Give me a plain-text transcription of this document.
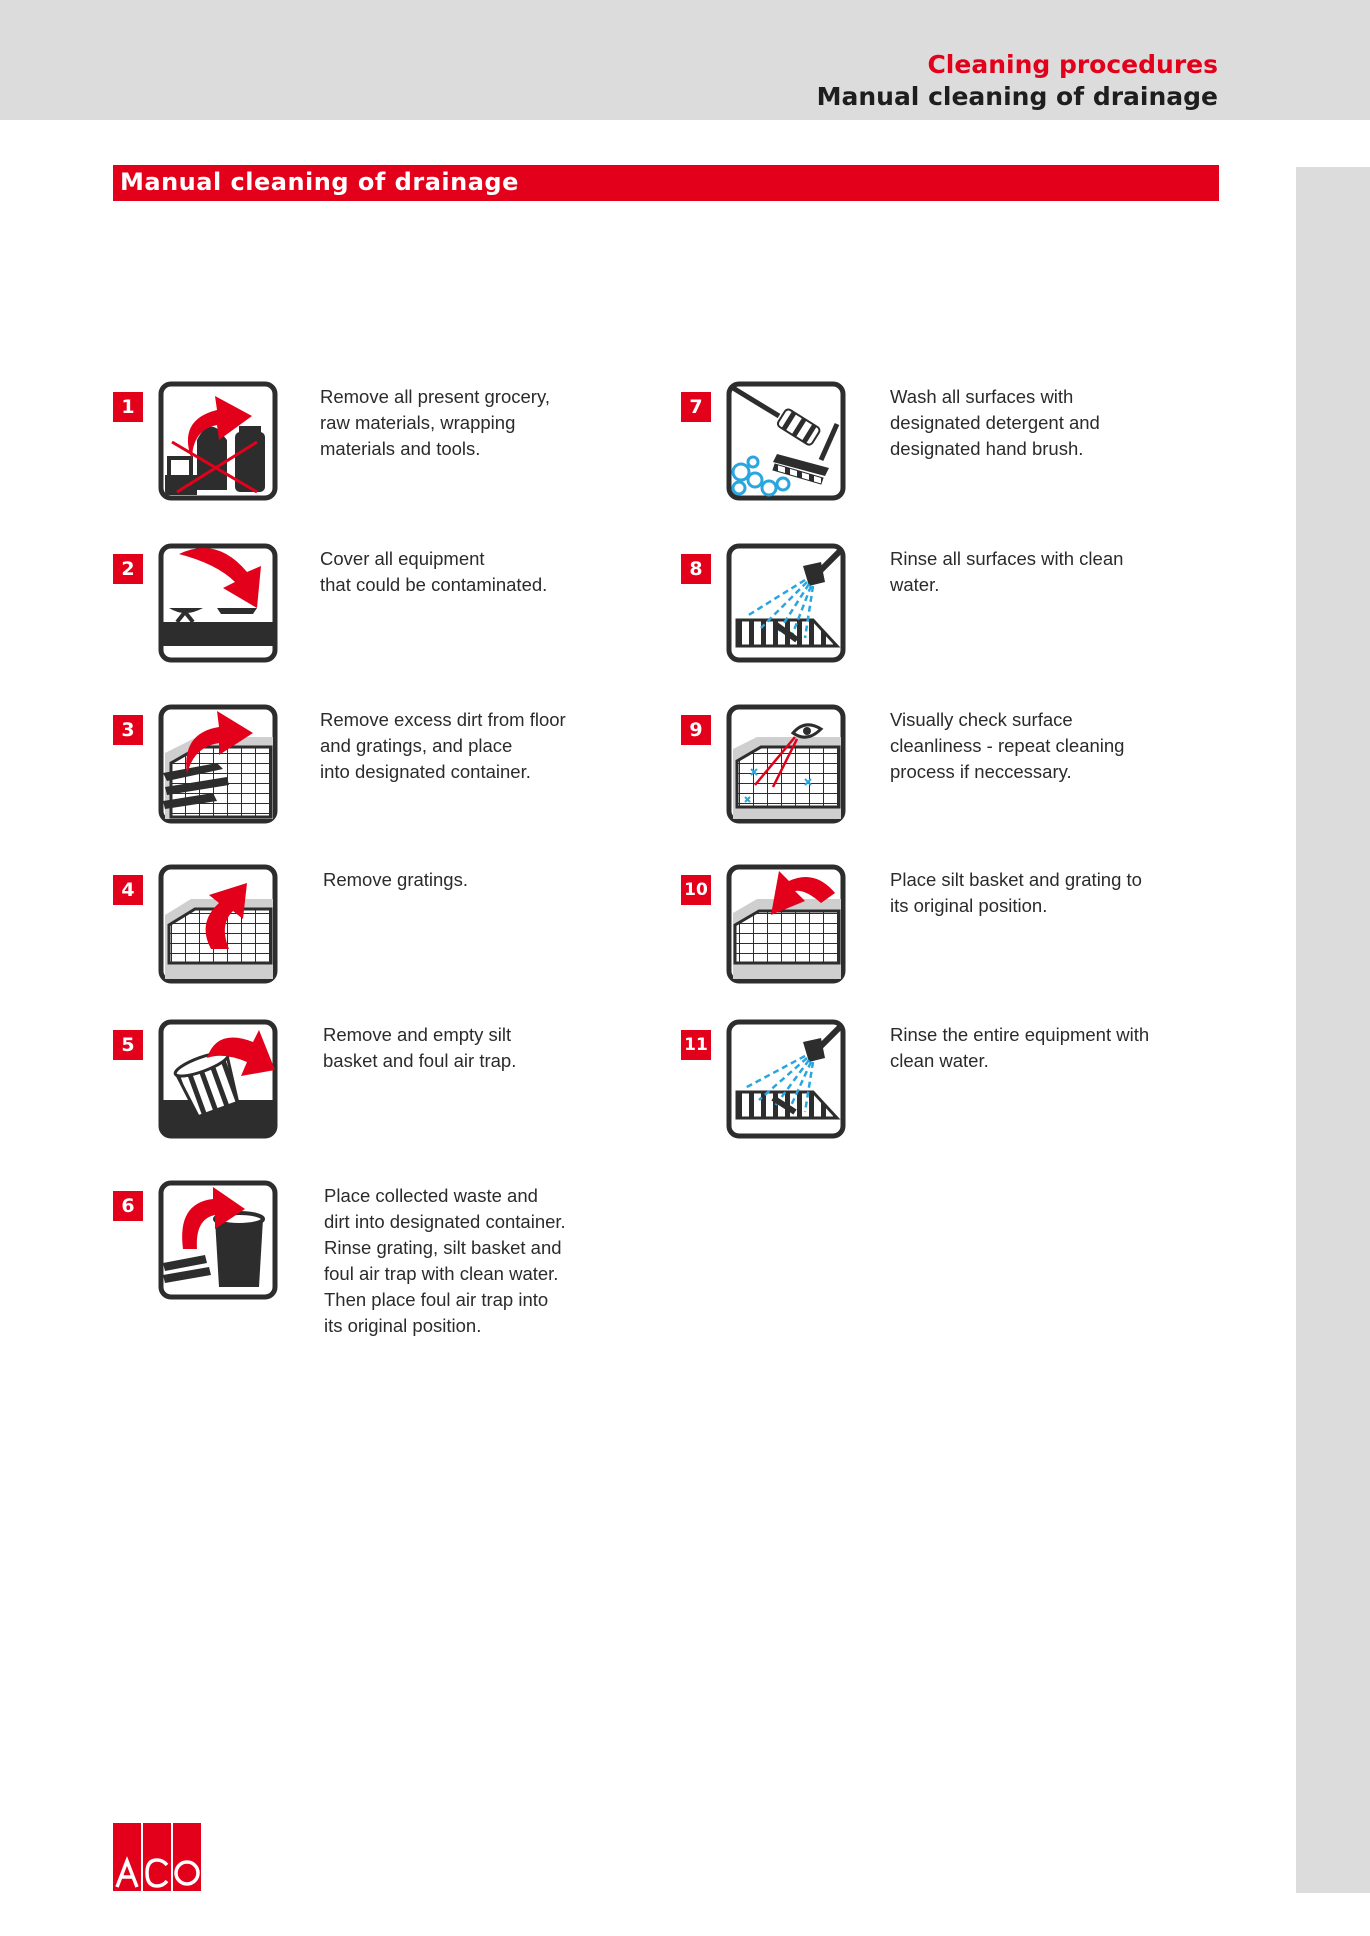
Cleaning procedures
Manual cleaning of drainage
Manual cleaning of drainage
1	Remove all present grocery,
raw materials, wrapping
materials and tools.
2	Cover all equipment
that could be contaminated.
3	Remove excess dirt from floor
and gratings, and place
into designated container.
4	Remove gratings.
5	Remove and empty silt
basket and foul air trap.
6	Place collected waste and
dirt into designated container.
Rinse grating, silt basket and
foul air trap with clean water.
Then place foul air trap into
its original position.
7	Wash all surfaces with
designated detergent and
designated hand brush.
8	Rinse all surfaces with clean
water.
9	Visually check surface
cleanliness - repeat cleaning
process if neccessary.
10	Place silt basket and grating to
its original position.
11	Rinse the entire equipment with
clean water.
